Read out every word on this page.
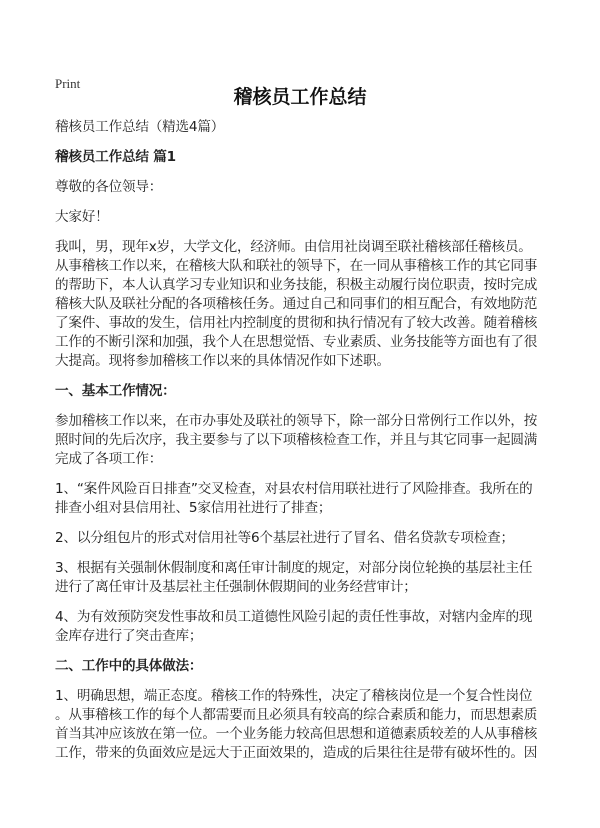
Print
稽核员工作总结
稽核员工作总结（精选4篇）
稽核员工作总结 篇1
尊敬的各位领导：
大家好！
我叫，男，现年x岁，大学文化，经济师。由信用社岗调至联社稽核部任稽核员。
从事稽核工作以来，在稽核大队和联社的领导下，在一同从事稽核工作的其它同事
的帮助下，本人认真学习专业知识和业务技能，积极主动履行岗位职责，按时完成
稽核大队及联社分配的各项稽核任务。通过自己和同事们的相互配合，有效地防范
了案件、事故的发生，信用社内控制度的贯彻和执行情况有了较大改善。随着稽核
工作的不断引深和加强，我个人在思想觉悟、专业素质、业务技能等方面也有了很
大提高。现将参加稽核工作以来的具体情况作如下述职。
一、基本工作情况：
参加稽核工作以来，在市办事处及联社的领导下，除一部分日常例行工作以外，按
照时间的先后次序，我主要参与了以下项稽核检查工作，并且与其它同事一起圆满
完成了各项工作：
1、“案件风险百日排查”交叉检查，对县农村信用联社进行了风险排查。我所在的
排查小组对县信用社、5家信用社进行了排查；
2、以分组包片的形式对信用社等6个基层社进行了冒名、借名贷款专项检查；
3、根据有关强制休假制度和离任审计制度的规定，对部分岗位轮换的基层社主任
进行了离任审计及基层社主任强制休假期间的业务经营审计；
4、为有效预防突发性事故和员工道德性风险引起的责任性事故，对辖内金库的现
金库存进行了突击查库；
二、工作中的具体做法：
1、明确思想，端正态度。稽核工作的特殊性，决定了稽核岗位是一个复合性岗位
。从事稽核工作的每个人都需要而且必须具有较高的综合素质和能力，而思想素质
首当其冲应该放在第一位。一个业务能力较高但思想和道德素质较差的人从事稽核
工作，带来的负面效应是远大于正面效果的，造成的后果往往是带有破坏性的。因
